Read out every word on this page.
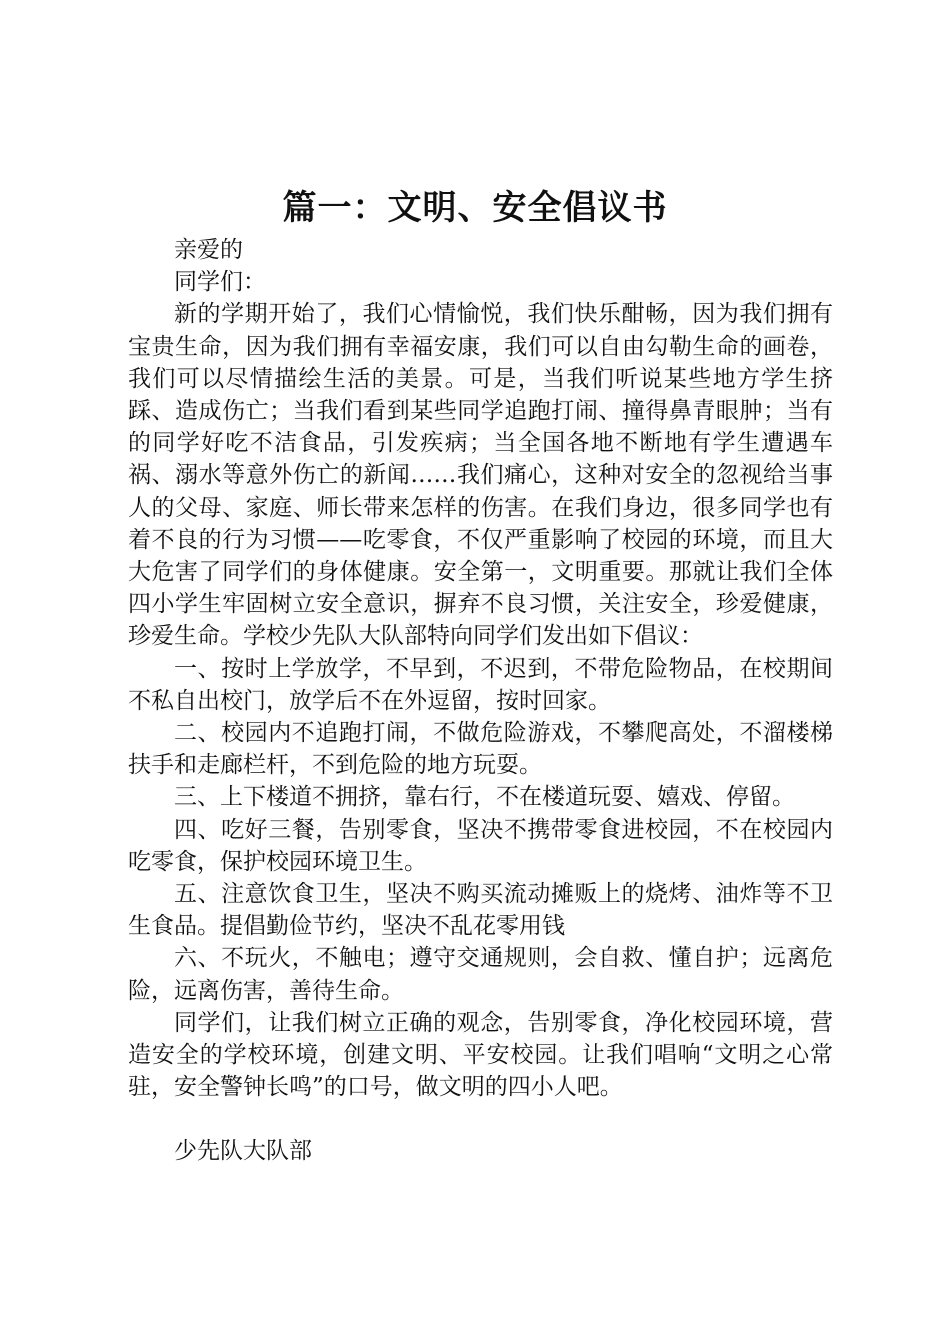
篇一：文明、安全倡议书

亲爱的

同学们：

新的学期开始了，我们心情愉悦，我们快乐酣畅，因为我们拥有宝贵生命，因为我们拥有幸福安康，我们可以自由勾勒生命的画卷，我们可以尽情描绘生活的美景。可是，当我们听说某些地方学生挤踩、造成伤亡；当我们看到某些同学追跑打闹、撞得鼻青眼肿；当有的同学好吃不洁食品，引发疾病；当全国各地不断地有学生遭遇车祸、溺水等意外伤亡的新闻……我们痛心，这种对安全的忽视给当事人的父母、家庭、师长带来怎样的伤害。在我们身边，很多同学也有着不良的行为习惯——吃零食，不仅严重影响了校园的环境，而且大大危害了同学们的身体健康。安全第一，文明重要。那就让我们全体四小学生牢固树立安全意识，摒弃不良习惯，关注安全，珍爱健康，珍爱生命。学校少先队大队部特向同学们发出如下倡议：

一、按时上学放学，不早到，不迟到，不带危险物品，在校期间不私自出校门，放学后不在外逗留，按时回家。

二、校园内不追跑打闹，不做危险游戏，不攀爬高处，不溜楼梯扶手和走廊栏杆，不到危险的地方玩耍。

三、上下楼道不拥挤，靠右行，不在楼道玩耍、嬉戏、停留。

四、吃好三餐，告别零食，坚决不携带零食进校园，不在校园内吃零食，保护校园环境卫生。

五、注意饮食卫生，坚决不购买流动摊贩上的烧烤、油炸等不卫生食品。提倡勤俭节约，坚决不乱花零用钱

六、不玩火，不触电；遵守交通规则，会自救、懂自护；远离危险，远离伤害，善待生命。

同学们，让我们树立正确的观念，告别零食，净化校园环境，营造安全的学校环境，创建文明、平安校园。让我们唱响“文明之心常驻，安全警钟长鸣”的口号，做文明的四小人吧。

少先队大队部
